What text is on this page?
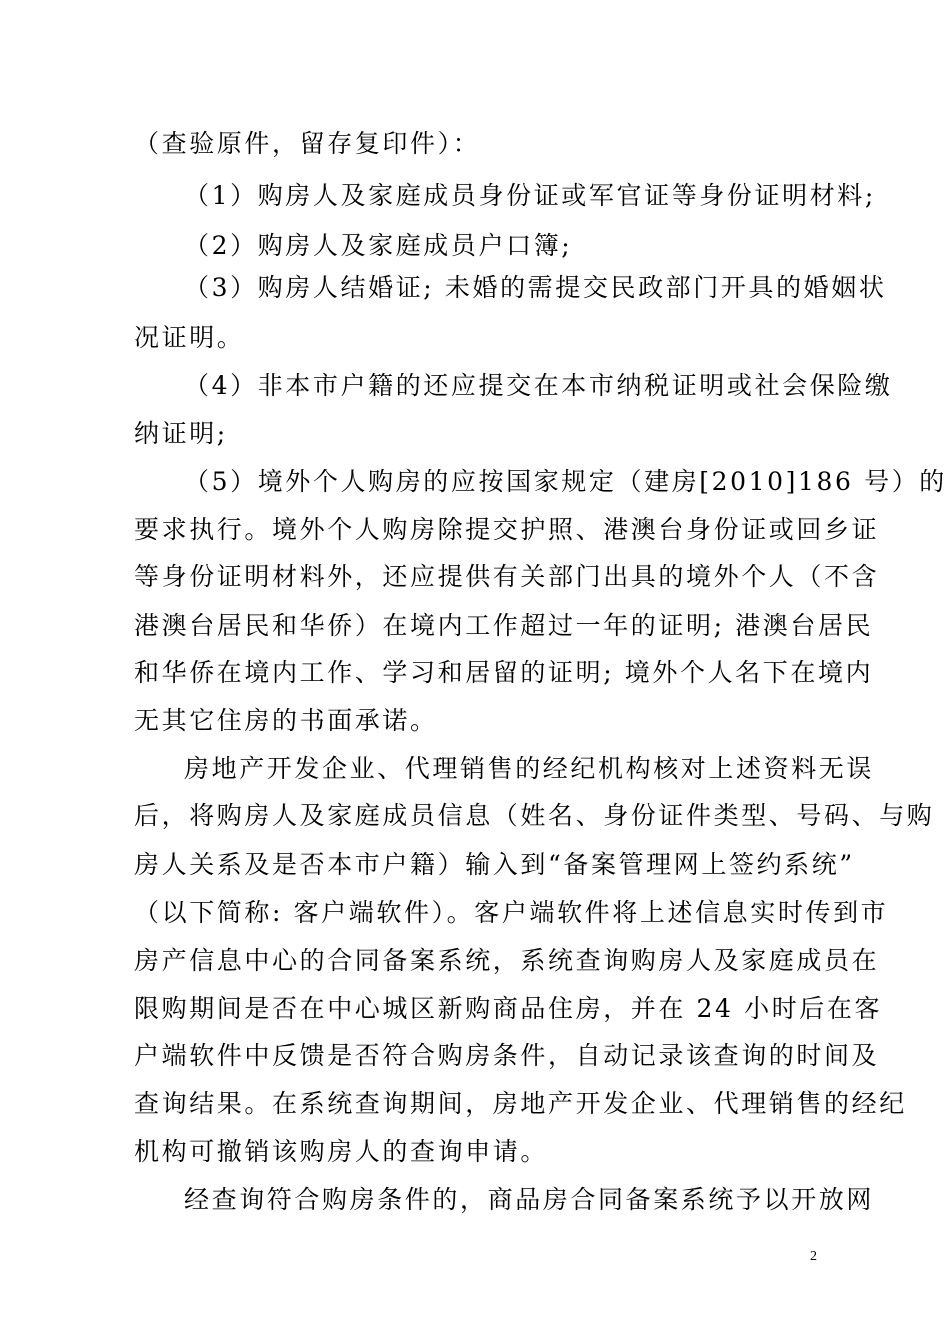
（查验原件，留存复印件）：
（1）购房人及家庭成员身份证或军官证等身份证明材料;
（2）购房人及家庭成员户口簿;
（3）购房人结婚证; 未婚的需提交民政部门开具的婚姻状
况证明。
（4）非本市户籍的还应提交在本市纳税证明或社会保险缴
纳证明;
（5）境外个人购房的应按国家规定（建房[2010]186 号）的
要求执行。境外个人购房除提交护照、港澳台身份证或回乡证
等身份证明材料外，还应提供有关部门出具的境外个人（不含
港澳台居民和华侨）在境内工作超过一年的证明; 港澳台居民
和华侨在境内工作、学习和居留的证明; 境外个人名下在境内
无其它住房的书面承诺。
房地产开发企业、代理销售的经纪机构核对上述资料无误
后，将购房人及家庭成员信息（姓名、身份证件类型、号码、与购
房人关系及是否本市户籍）输入到“备案管理网上签约系统”
（以下简称: 客户端软件）。客户端软件将上述信息实时传到市
房产信息中心的合同备案系统，系统查询购房人及家庭成员在
限购期间是否在中心城区新购商品住房，并在 24 小时后在客
户端软件中反馈是否符合购房条件，自动记录该查询的时间及
查询结果。在系统查询期间，房地产开发企业、代理销售的经纪
机构可撤销该购房人的查询申请。
经查询符合购房条件的，商品房合同备案系统予以开放网
2
